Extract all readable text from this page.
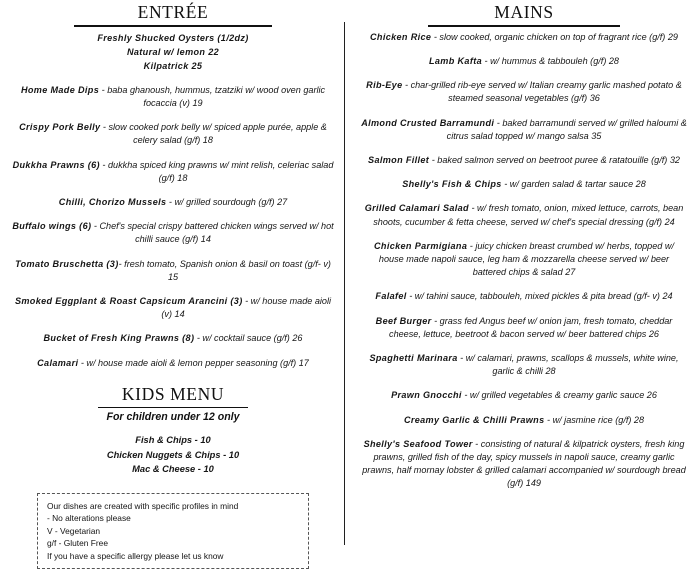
ENTRÉE
Freshly Shucked Oysters (1/2dz)
Natural w/ lemon 22
Kilpatrick 25
Home Made Dips - baba ghanoush, hummus, tzatziki w/ wood oven garlic focaccia (v) 19
Crispy Pork Belly - slow cooked pork belly w/ spiced apple purée, apple & celery salad (g/f) 18
Dukkha Prawns (6) - dukkha spiced king prawns w/ mint relish, celeriac salad (g/f) 18
Chilli, Chorizo Mussels - w/ grilled sourdough (g/f) 27
Buffalo wings (6) - Chef's special crispy battered chicken wings served w/ hot chilli sauce (g/f) 14
Tomato Bruschetta (3)- fresh tomato, Spanish onion & basil on toast (g/f- v) 15
Smoked Eggplant & Roast Capsicum Arancini (3) - w/ house made aioli (v) 14
Bucket of Fresh King Prawns (8) - w/ cocktail sauce (g/f) 26
Calamari - w/ house made aioli & lemon pepper seasoning (g/f) 17
KIDS MENU
For children under 12 only
Fish & Chips - 10
Chicken Nuggets & Chips - 10
Mac & Cheese - 10
Our dishes are created with specific profiles in mind
- No alterations please
V - Vegetarian
g/f - Gluten Free
If you have a specific allergy please let us know
MAINS
Chicken Rice - slow cooked, organic chicken on top of fragrant rice (g/f) 29
Lamb Kafta - w/ hummus & tabbouleh (g/f) 28
Rib-Eye - char-grilled rib-eye served w/ Italian creamy garlic mashed potato & steamed seasonal vegetables (g/f) 36
Almond Crusted Barramundi - baked barramundi served w/ grilled haloumi & citrus salad topped w/ mango salsa 35
Salmon Fillet - baked salmon served on beetroot puree & ratatouille (g/f) 32
Shelly's Fish & Chips - w/ garden salad & tartar sauce 28
Grilled Calamari Salad - w/ fresh tomato, onion, mixed lettuce, carrots, bean shoots, cucumber & fetta cheese, served w/ chef's special dressing (g/f) 24
Chicken Parmigiana - juicy chicken breast crumbed w/ herbs, topped w/ house made napoli sauce, leg ham & mozzarella cheese served w/ beer battered chips & salad 27
Falafel - w/ tahini sauce, tabbouleh, mixed pickles & pita bread (g/f- v) 24
Beef Burger - grass fed Angus beef w/ onion jam, fresh tomato, cheddar cheese, lettuce, beetroot & bacon served w/ beer battered chips 26
Spaghetti Marinara - w/ calamari, prawns, scallops & mussels, white wine, garlic & chilli 28
Prawn Gnocchi - w/ grilled vegetables & creamy garlic sauce 26
Creamy Garlic & Chilli Prawns - w/ jasmine rice (g/f) 28
Shelly's Seafood Tower - consisting of natural & kilpatrick oysters, fresh king prawns, grilled fish of the day, spicy mussels in napoli sauce, creamy garlic prawns, half mornay lobster & grilled calamari accompanied w/ sourdough bread (g/f) 149
